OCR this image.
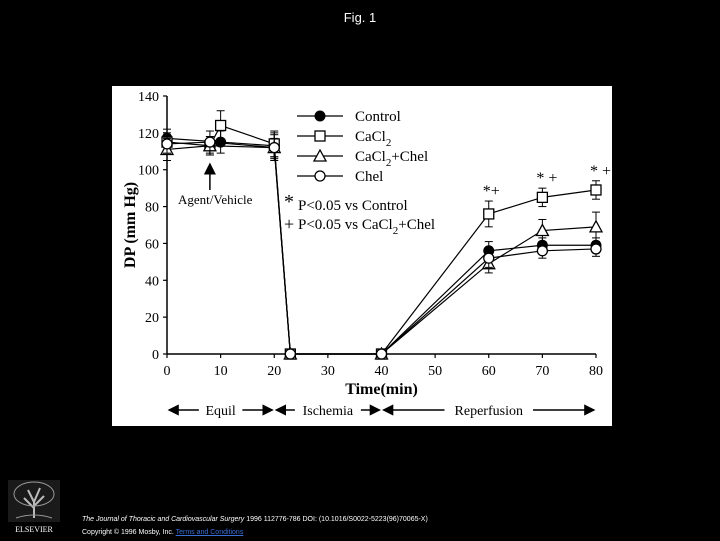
Fig. 1
0
20
40
60
80
100
120
140
0	10	20	30	40	50	60	70	80
Time(min)
DP (mm Hg)
Control
CaCl$_2$
CaCl$_2$+Chel
Chel
* P<0.05 vs Control
+ P<0.05 vs CaCl$_2$+Chel
*+
* + * +
Agent/Vehicle
Equil	Ischemia	Reperfusion
ELSEVIER
The Journal of Thoracic and Cardiovascular Surgery 1996 112776-786 DOI: (10.1016/S0022-5223(96)70065-X)
Copyright © 1996 Mosby, Inc. Terms and Conditions
